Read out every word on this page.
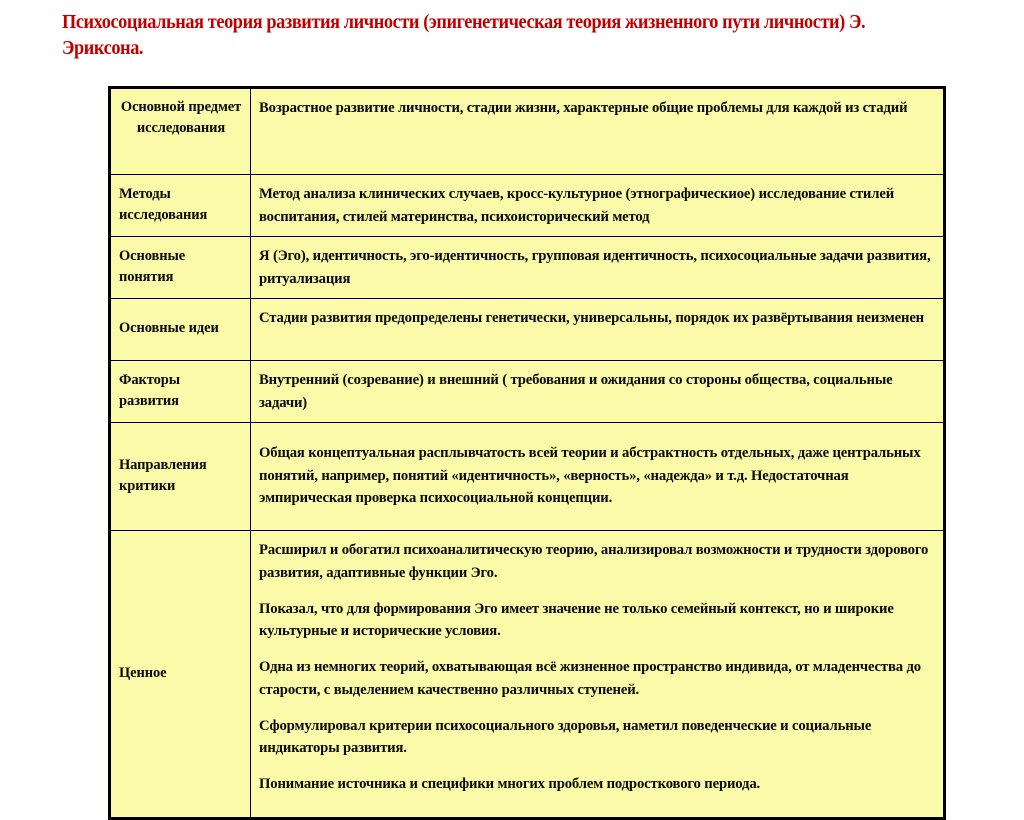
Психосоциальная теория развития личности (эпигенетическая теория жизненного пути личности) Э. Эриксона.
Основной предмет исследования	Возрастное развитие личности, стадии жизни, характерные общие проблемы для каждой из стадий

Методы исследования	Метод анализа клинических случаев, кросс-культурное (этнографическиое) исследование стилей воспитания, стилей материнства, психоисторический метод

Основные понятия	Я (Эго), идентичность, эго-идентичность, групповая идентичность, психосоциальные задачи развития, ритуализация

Основные идеи	Стадии развития предопределены генетически, универсальны, порядок их развёртывания неизменен

Факторы развития	Внутренний (созревание) и внешний ( требования и ожидания со стороны общества, социальные задачи)

Направления критики	Общая концептуальная расплывчатость всей теории и абстрактность отдельных, даже центральных понятий, например, понятий «идентичность», «верность», «надежда» и т.д. Недостаточная эмпирическая проверка психосоциальной концепции.

Ценное	Расширил и обогатил психоаналитическую теорию, анализировал возможности и трудности здорового развития, адаптивные функции Эго.

Показал, что для формирования Эго имеет значение не только семейный контекст, но и широкие культурные и исторические условия.

Одна из немногих теорий, охватывающая всё жизненное пространство индивида, от младенчества до старости, с выделением качественно различных ступеней.

Сформулировал критерии психосоциального здоровья, наметил поведенческие и социальные индикаторы развития.

Понимание источника и специфики многих проблем подросткового периода.
